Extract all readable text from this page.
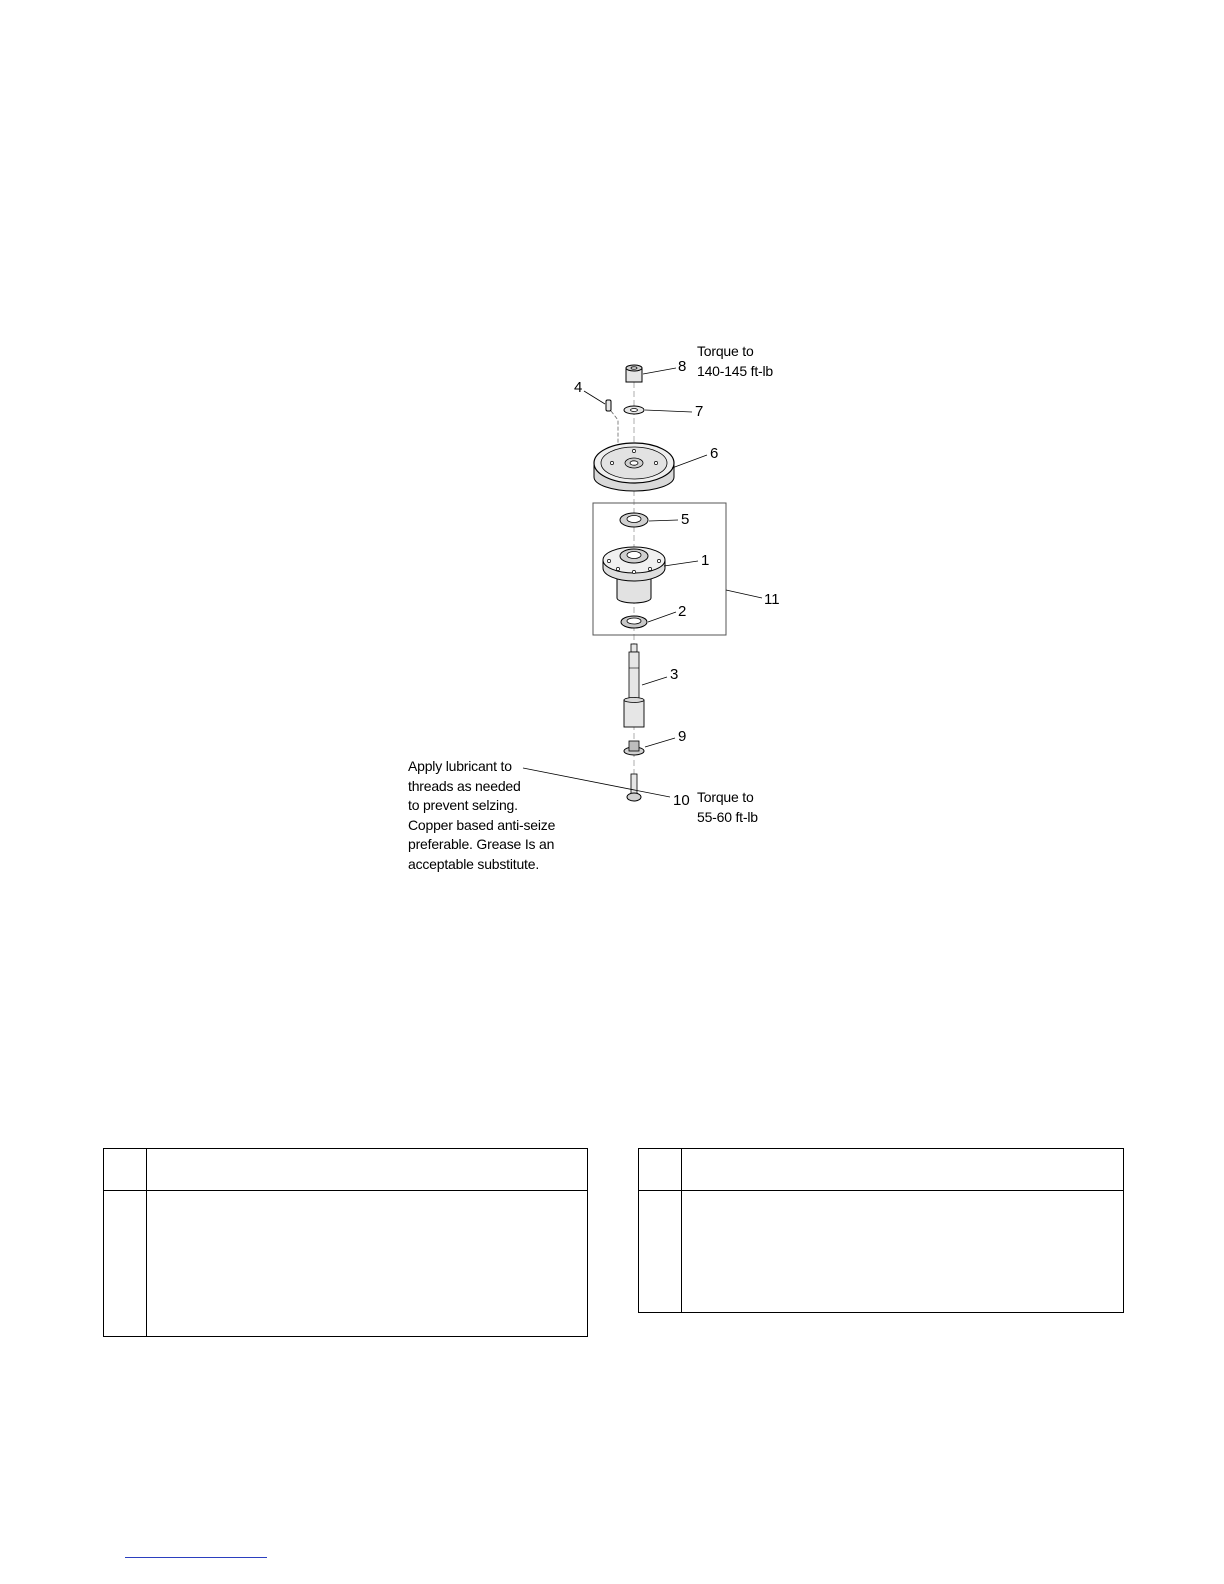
8
4
7
6
5
1
11
2
3
9
10
Torque to
140-145 ft-lb
Torque to
55-60 ft-lb
Apply lubricant to
threads as needed
to prevent selzing.
Copper based anti-seize
preferable. Grease Is an
acceptable substitute.
